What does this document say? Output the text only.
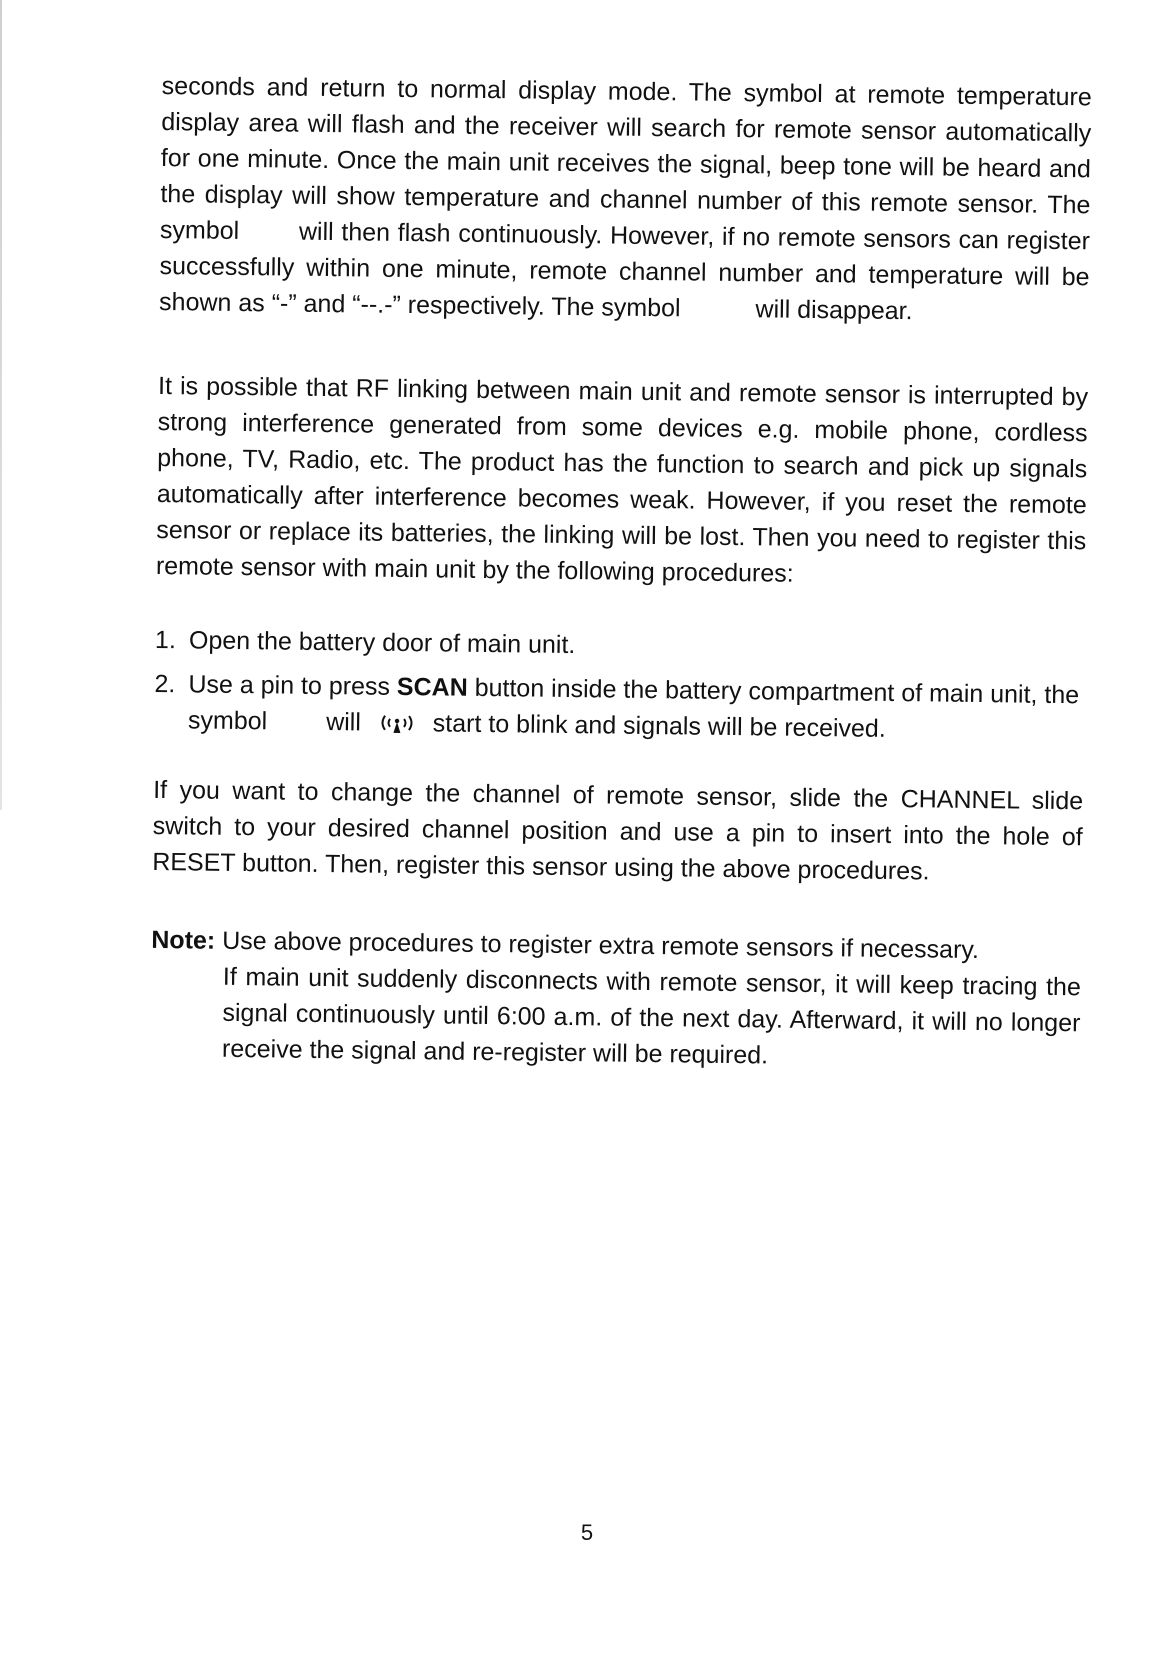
seconds and return to normal display mode. The symbol at remote temperature display area will flash and the receiver will search for remote sensor automatically for one minute. Once the main unit receives the signal, beep tone will be heard and the display will show temperature and channel number of this remote sensor. The symbol will then flash continuously. However, if no remote sensors can register successfully within one minute, remote channel number and temperature will be shown as “-” and “--.-” respectively. The symbol	will disappear.

It is possible that RF linking between main unit and remote sensor is interrupted by strong interference generated from some devices e.g. mobile phone, cordless phone, TV, Radio, etc. The product has the function to search and pick up signals automatically after interference becomes weak. However, if you reset the remote sensor or replace its batteries, the linking will be lost. Then you need to register this remote sensor with main unit by the following procedures:

1. Open the battery door of main unit.
2. Use a pin to press SCAN button inside the battery compartment of main unit, the symbol will	start to blink and signals will be received.

If you want to change the channel of remote sensor, slide the CHANNEL slide switch to your desired channel position and use a pin to insert into the hole of RESET button. Then, register this sensor using the above procedures.

Note: Use above procedures to register extra remote sensors if necessary.
If main unit suddenly disconnects with remote sensor, it will keep tracing the signal continuously until 6:00 a.m. of the next day. Afterward, it will no longer receive the signal and re-register will be required.
5
